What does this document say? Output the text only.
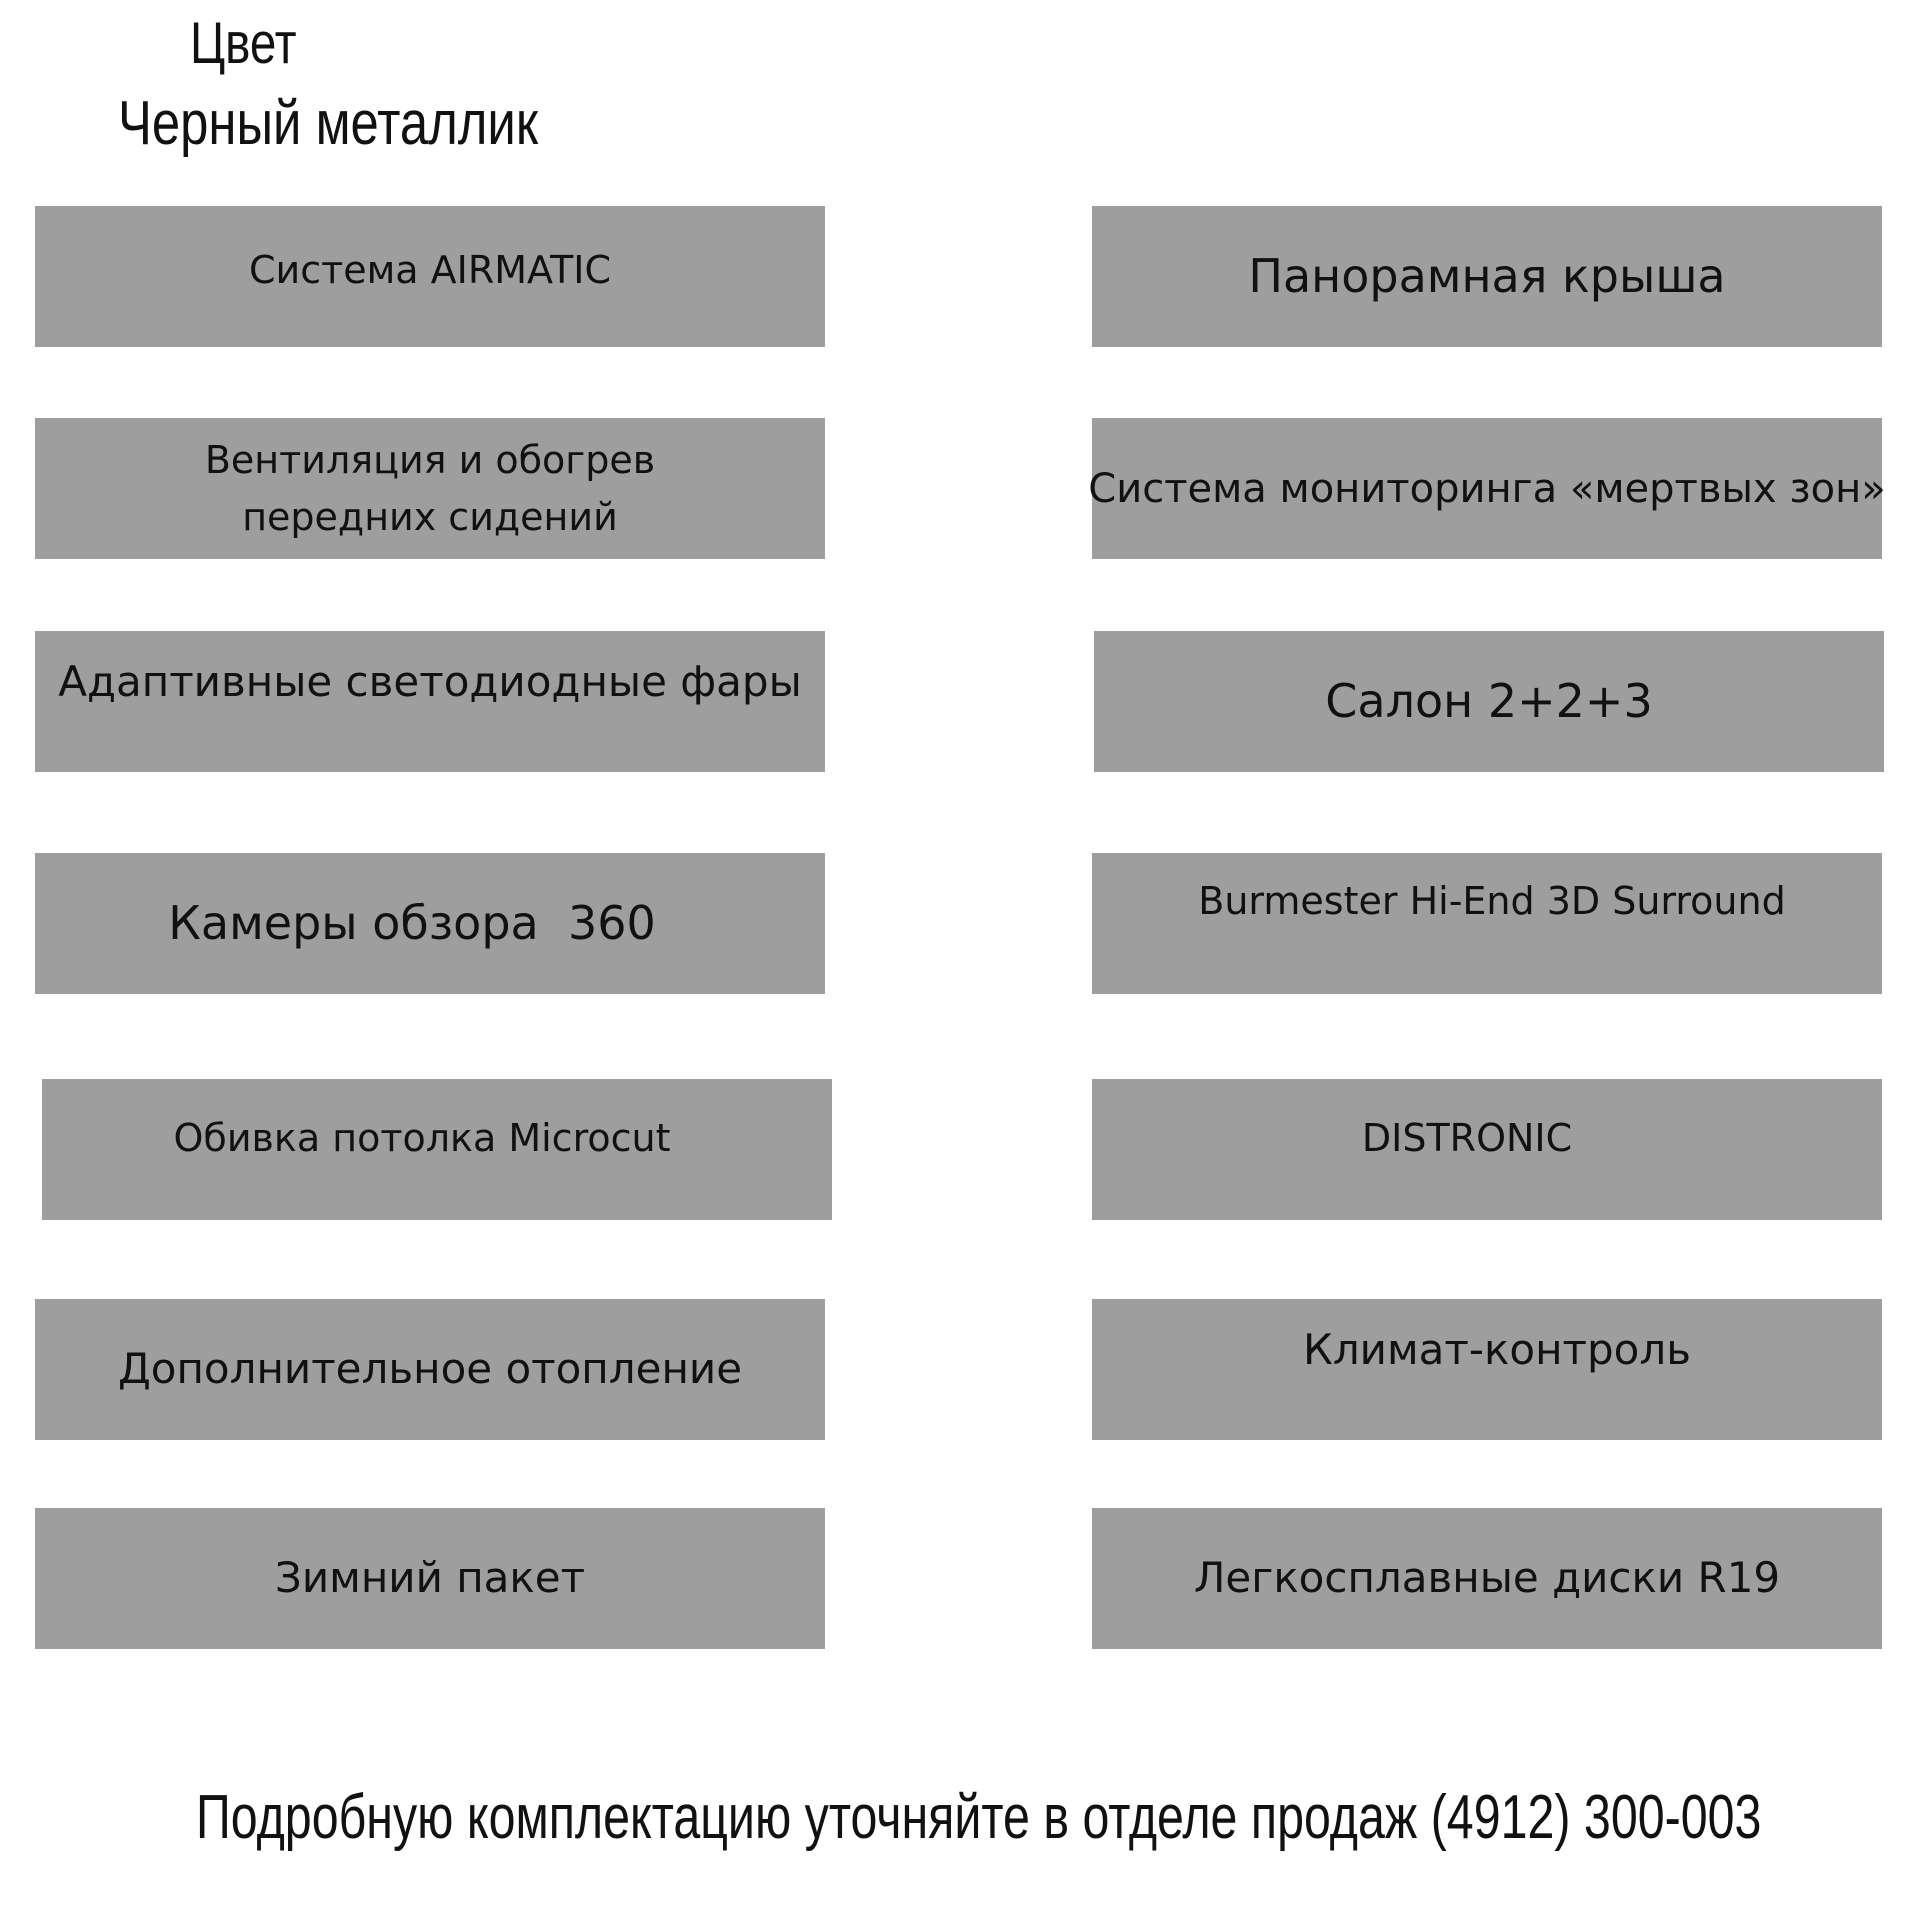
Цвет
Черный металлик
Система AIRMATIC
Вентиляция и обогрев
передних сидений
Адаптивные светодиодные фары
Камеры обзора  360
Обивка потолка Microcut
Дополнительное отопление
Зимний пакет
Панорамная крыша
Система мониторинга «мертвых зон»
Салон 2+2+3
Burmester Hi-End 3D Surround
DISTRONIC
Климат-контроль
Легкосплавные диски R19
Подробную комплектацию уточняйте в отделе продаж (4912) 300-003
